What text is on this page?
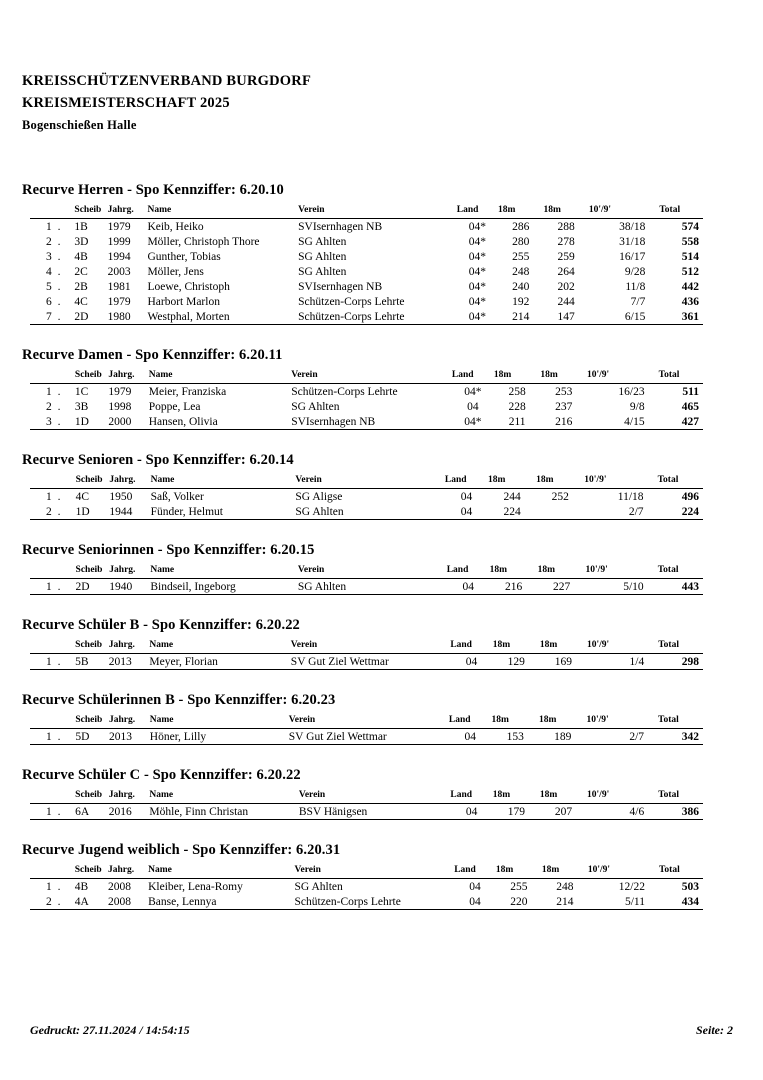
KREISSCHÜTZENVERBAND BURGDORF
KREISMEISTERSCHAFT 2025
Bogenschießen Halle
Recurve Herren - Spo Kennziffer: 6.20.10
	Scheib	Jahrg.	Name	Verein	Land	18m	18m	10'/9'	Total
1 .	1B	1979	Keib, Heiko	SVIsernhagen NB	04*	286	288	38/18	574
2 .	3D	1999	Möller, Christoph Thore	SG Ahlten	04*	280	278	31/18	558
3 .	4B	1994	Gunther, Tobias	SG Ahlten	04*	255	259	16/17	514
4 .	2C	2003	Möller, Jens	SG Ahlten	04*	248	264	9/28	512
5 .	2B	1981	Loewe, Christoph	SVIsernhagen NB	04*	240	202	11/8	442
6 .	4C	1979	Harbort Marlon	Schützen-Corps Lehrte	04*	192	244	7/7	436
7 .	2D	1980	Westphal, Morten	Schützen-Corps Lehrte	04*	214	147	6/15	361
Recurve Damen - Spo Kennziffer: 6.20.11
	Scheib	Jahrg.	Name	Verein	Land	18m	18m	10'/9'	Total
1 .	1C	1979	Meier, Franziska	Schützen-Corps Lehrte	04*	258	253	16/23	511
2 .	3B	1998	Poppe, Lea	SG Ahlten	04	228	237	9/8	465
3 .	1D	2000	Hansen, Olivia	SVIsernhagen NB	04*	211	216	4/15	427
Recurve Senioren - Spo Kennziffer: 6.20.14
	Scheib	Jahrg.	Name	Verein	Land	18m	18m	10'/9'	Total
1 .	4C	1950	Saß, Volker	SG Aligse	04	244	252	11/18	496
2 .	1D	1944	Fünder, Helmut	SG Ahlten	04	224		2/7	224
Recurve Seniorinnen - Spo Kennziffer: 6.20.15
	Scheib	Jahrg.	Name	Verein	Land	18m	18m	10'/9'	Total
1 .	2D	1940	Bindseil, Ingeborg	SG Ahlten	04	216	227	5/10	443
Recurve Schüler B - Spo Kennziffer: 6.20.22
	Scheib	Jahrg.	Name	Verein	Land	18m	18m	10'/9'	Total
1 .	5B	2013	Meyer, Florian	SV Gut Ziel Wettmar	04	129	169	1/4	298
Recurve Schülerinnen B - Spo Kennziffer: 6.20.23
	Scheib	Jahrg.	Name	Verein	Land	18m	18m	10'/9'	Total
1 .	5D	2013	Höner, Lilly	SV Gut Ziel Wettmar	04	153	189	2/7	342
Recurve Schüler C - Spo Kennziffer: 6.20.22
	Scheib	Jahrg.	Name	Verein	Land	18m	18m	10'/9'	Total
1 .	6A	2016	Möhle, Finn Christan	BSV Hänigsen	04	179	207	4/6	386
Recurve Jugend weiblich - Spo Kennziffer: 6.20.31
	Scheib	Jahrg.	Name	Verein	Land	18m	18m	10'/9'	Total
1 .	4B	2008	Kleiber, Lena-Romy	SG Ahlten	04	255	248	12/22	503
2 .	4A	2008	Banse, Lennya	Schützen-Corps Lehrte	04	220	214	5/11	434
Gedruckt: 27.11.2024 / 14:54:15	Seite: 2
